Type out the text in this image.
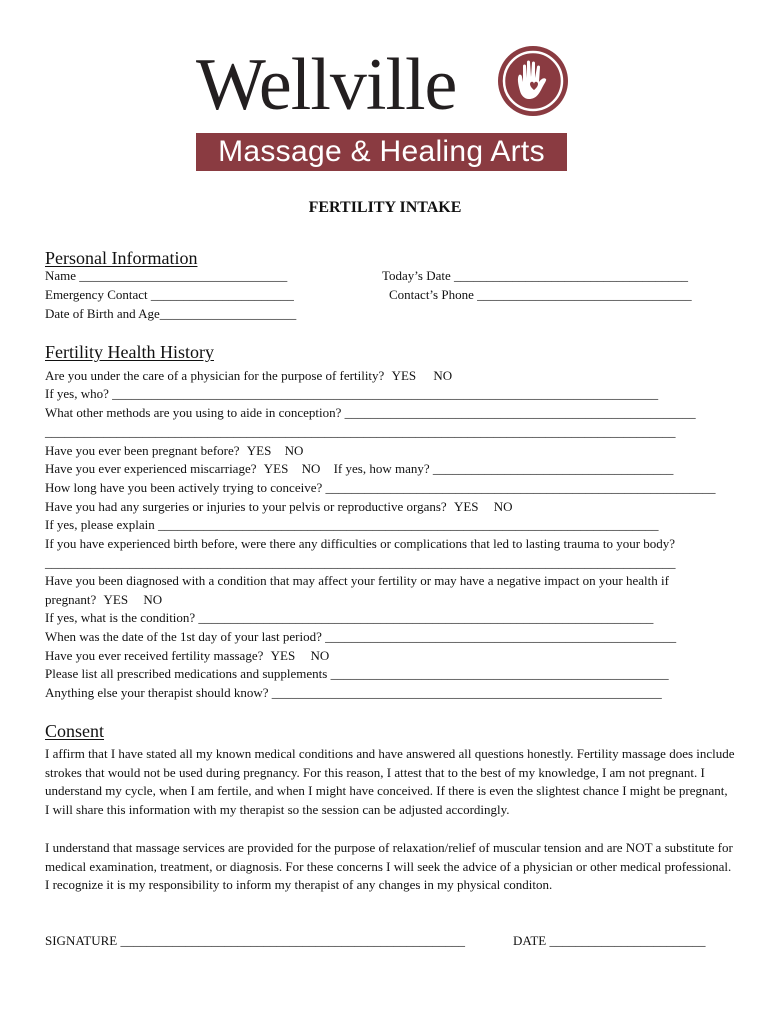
Wellville
Massage & Healing Arts
FERTILITY INTAKE
Personal Information
Name ________________________________
Emergency Contact ______________________
Date of Birth and Age_____________________
Today’s Date ____________________________________
Contact’s Phone _________________________________
Fertility Health History
Are you under the care of a physician for the purpose of fertility? YES NO
If yes, who? ____________________________________________________________________________________
What other methods are you using to aide in conception? ______________________________________________________
_________________________________________________________________________________________________
Have you ever been pregnant before? YES NO
Have you ever experienced miscarriage? YES NO If yes, how many? _____________________________________
How long have you been actively trying to conceive? ____________________________________________________________
Have you had any surgeries or injuries to your pelvis or reproductive organs? YES NO
If yes, please explain _____________________________________________________________________________
If you have experienced birth before, were there any difficulties or complications that led to lasting trauma to your body?
_________________________________________________________________________________________________
Have you been diagnosed with a condition that may affect your fertility or may have a negative impact on your health if
pregnant? YES NO
If yes, what is the condition? ______________________________________________________________________
When was the date of the 1st day of your last period? ______________________________________________________
Have you ever received fertility massage? YES NO
Please list all prescribed medications and supplements ____________________________________________________
Anything else your therapist should know? ____________________________________________________________
Consent
I affirm that I have stated all my known medical conditions and have answered all questions honestly. Fertility massage does include strokes that would not be used during pregnancy. For this reason, I attest that to the best of my knowledge, I am not pregnant. I understand my cycle, when I am fertile, and when I might have conceived. If there is even the slightest chance I might be pregnant, I will share this information with my therapist so the session can be adjusted accordingly.
I understand that massage services are provided for the purpose of relaxation/relief of muscular tension and are NOT a substitute for medical examination, treatment, or diagnosis. For these concerns I will seek the advice of a physician or other medical professional. I recognize it is my responsibility to inform my therapist of any changes in my physical conditon.
SIGNATURE _____________________________________________________	DATE ________________________
